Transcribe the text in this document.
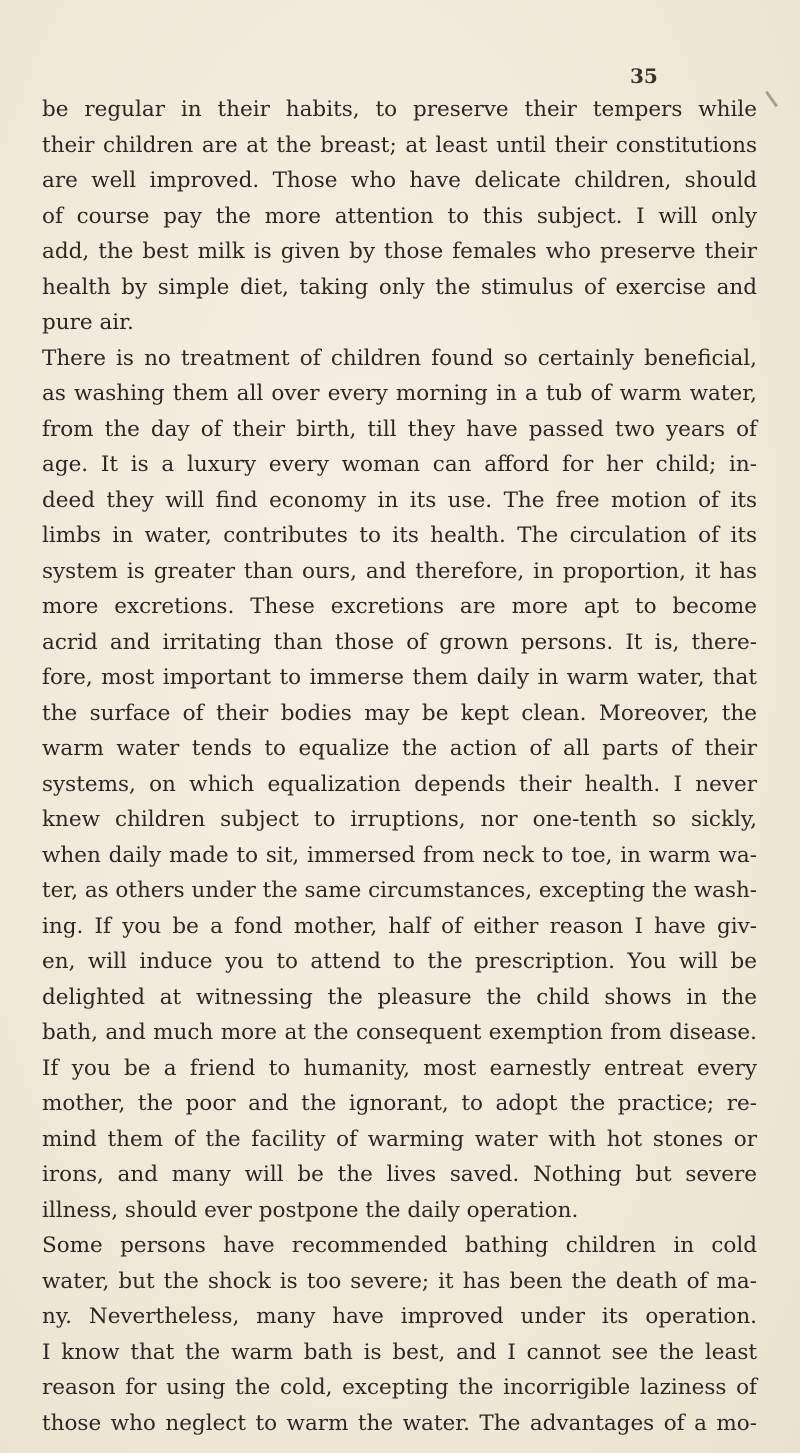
35
be regular in their habits, to preserve their tempers while
their children are at the breast; at least until their constitutions
are well improved. Those who have delicate children, should
of course pay the more attention to this subject. I will only
add, the best milk is given by those females who preserve their
health by simple diet, taking only the stimulus of exercise and
pure air.
There is no treatment of children found so certainly beneficial,
as washing them all over every morning in a tub of warm water,
from the day of their birth, till they have passed two years of
age. It is a luxury every woman can afford for her child; in-
deed they will find economy in its use. The free motion of its
limbs in water, contributes to its health. The circulation of its
system is greater than ours, and therefore, in proportion, it has
more excretions. These excretions are more apt to become
acrid and irritating than those of grown persons. It is, there-
fore, most important to immerse them daily in warm water, that
the surface of their bodies may be kept clean. Moreover, the
warm water tends to equalize the action of all parts of their
systems, on which equalization depends their health. I never
knew children subject to irruptions, nor one-tenth so sickly,
when daily made to sit, immersed from neck to toe, in warm wa-
ter, as others under the same circumstances, excepting the wash-
ing. If you be a fond mother, half of either reason I have giv-
en, will induce you to attend to the prescription. You will be
delighted at witnessing the pleasure the child shows in the
bath, and much more at the consequent exemption from disease.
If you be a friend to humanity, most earnestly entreat every
mother, the poor and the ignorant, to adopt the practice; re-
mind them of the facility of warming water with hot stones or
irons, and many will be the lives saved. Nothing but severe
illness, should ever postpone the daily operation.
Some persons have recommended bathing children in cold
water, but the shock is too severe; it has been the death of ma-
ny. Nevertheless, many have improved under its operation.
I know that the warm bath is best, and I cannot see the least
reason for using the cold, excepting the incorrigible laziness of
those who neglect to warm the water. The advantages of a mo-
